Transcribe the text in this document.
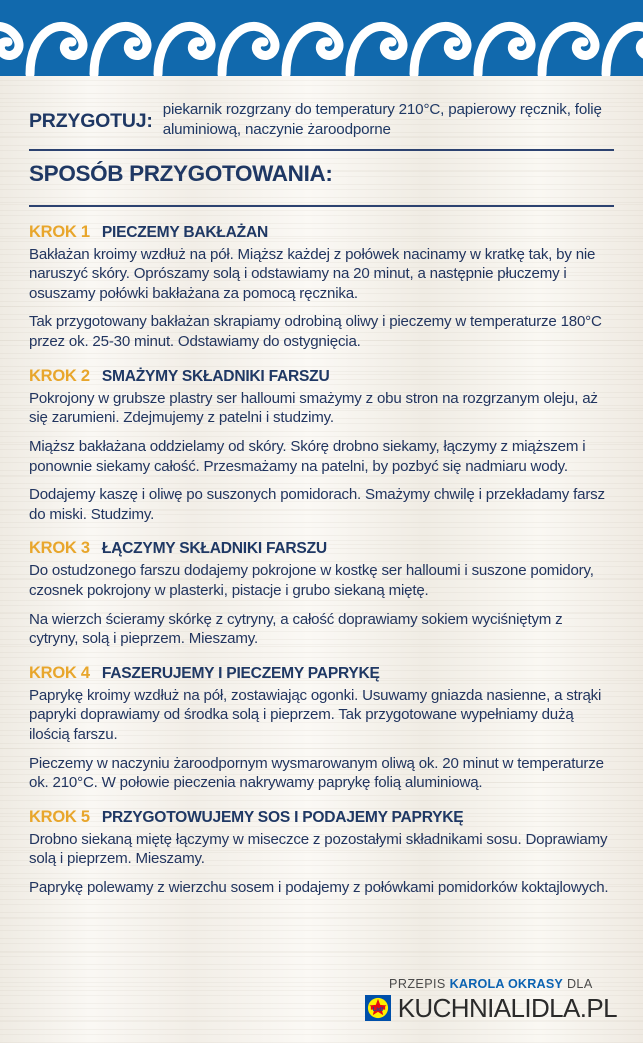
PRZYGOTUJ:
piekarnik rozgrzany do temperatury 210°C, papierowy ręcznik, folię aluminiową, naczynie żaroodporne
SPOSÓB PRZYGOTOWANIA:
KROK 1 PIECZEMY BAKŁAŻAN

Bakłażan kroimy wzdłuż na pół. Miąższ każdej z połówek nacinamy w kratkę tak, by nie naruszyć skóry. Oprószamy solą i odstawiamy na 20 minut, a następnie płuczemy i osuszamy połówki bakłażana za pomocą ręcznika.

Tak przygotowany bakłażan skrapiamy odrobiną oliwy i pieczemy w temperaturze 180°C przez ok. 25-30 minut. Odstawiamy do ostygnięcia.

KROK 2 SMAŻYMY SKŁADNIKI FARSZU

Pokrojony w grubsze plastry ser halloumi smażymy z obu stron na rozgrzanym oleju, aż się zarumieni. Zdejmujemy z patelni i studzimy.

Miąższ bakłażana oddzielamy od skóry. Skórę drobno siekamy, łączymy z miąższem i ponownie siekamy całość. Przesmażamy na patelni, by pozbyć się nadmiaru wody.

Dodajemy kaszę i oliwę po suszonych pomidorach. Smażymy chwilę i przekładamy farsz do miski. Studzimy.

KROK 3 ŁĄCZYMY SKŁADNIKI FARSZU

Do ostudzonego farszu dodajemy pokrojone w kostkę ser halloumi i suszone pomidory, czosnek pokrojony w plasterki, pistacje i grubo siekaną miętę.

Na wierzch ścieramy skórkę z cytryny, a całość doprawiamy sokiem wyciśniętym z cytryny, solą i pieprzem. Mieszamy.

KROK 4 FASZERUJEMY I PIECZEMY PAPRYKĘ

Paprykę kroimy wzdłuż na pół, zostawiając ogonki. Usuwamy gniazda nasienne, a strąki papryki doprawiamy od środka solą i pieprzem. Tak przygotowane wypełniamy dużą ilością farszu.

Pieczemy w naczyniu żaroodpornym wysmarowanym oliwą ok. 20 minut w temperaturze ok. 210°C. W połowie pieczenia nakrywamy paprykę folią aluminiową.

KROK 5 PRZYGOTOWUJEMY SOS I PODAJEMY PAPRYKĘ

Drobno siekaną miętę łączymy w miseczce z pozostałymi składnikami sosu. Doprawiamy solą i pieprzem. Mieszamy.

Paprykę polewamy z wierzchu sosem i podajemy z połówkami pomidorków koktajlowych.

PRZEPIS KAROLA OKRASY DLA
Lidl KUCHNIALIDLA.PL
